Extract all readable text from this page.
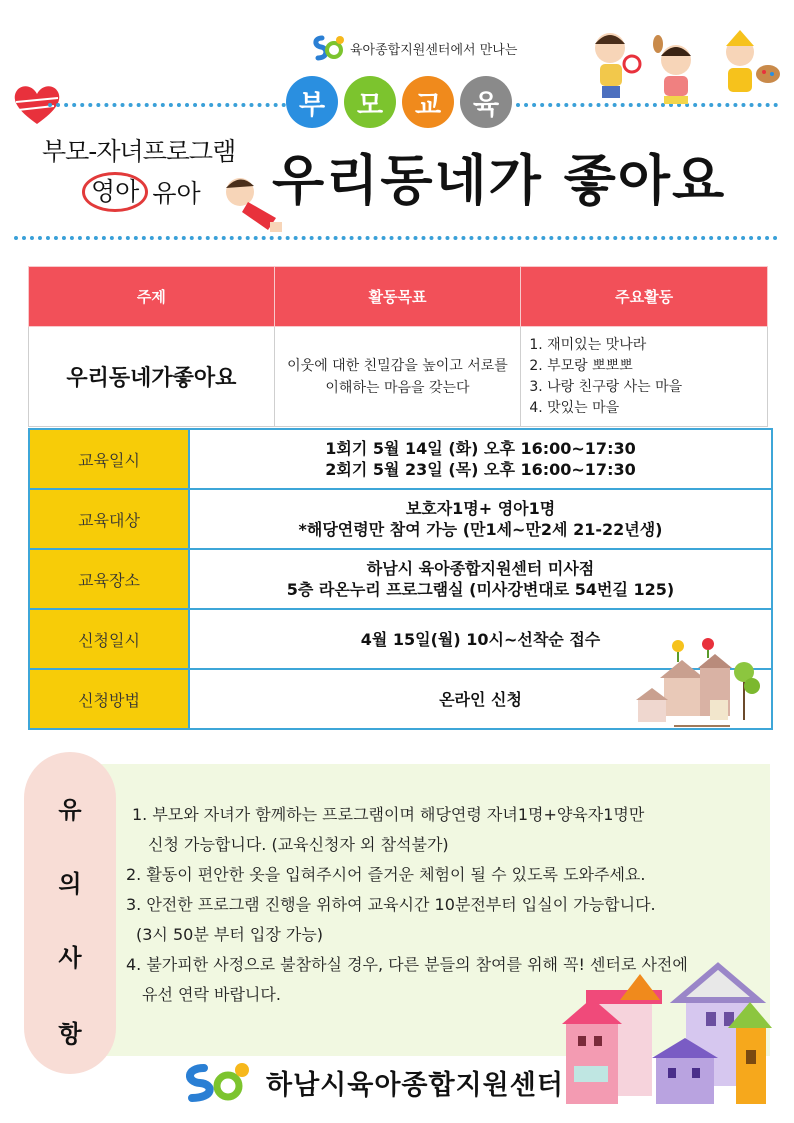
육아종합지원센터에서 만나는
부 모 교 육
부모-자녀프로그램
영아 유아 우리동네가 좋아요
주제	활동목표	주요활동
우리동네가좋아요	이웃에 대한 친밀감을 높이고 서로를 이해하는 마음을 갖는다	1. 재미있는 맛나라
2. 부모랑 뽀뽀뽀
3. 나랑 친구랑 사는 마을
4. 맛있는 마을
교육일시	1회기 5월 14일 (화) 오후 16:00~17:30
2회기 5월 23일 (목) 오후 16:00~17:30

교육대상	보호자1명+ 영아1명
*해당연령만 참여 가능 (만1세~만2세 21-22년생)

교육장소	하남시 육아종합지원센터 미사점
5층 라온누리 프로그램실 (미사강변대로 54번길 125)

신청일시	4월 15일(월) 10시~선착순 접수
신청방법	온라인 신청
유
의
사
항
1. 부모와 자녀가 함께하는 프로그램이며 해당연령 자녀1명+양육자1명만
신청 가능합니다. (교육신청자 외 참석불가)
2. 활동이 편안한 옷을 입혀주시어 즐거운 체험이 될 수 있도록 도와주세요.
3. 안전한 프로그램 진행을 위하여 교육시간 10분전부터 입실이 가능합니다.
(3시 50분 부터 입장 가능)
4. 불가피한 사정으로 불참하실 경우, 다른 분들의 참여를 위해 꼭! 센터로 사전에
유선 연락 바랍니다.
하남시육아종합지원센터
